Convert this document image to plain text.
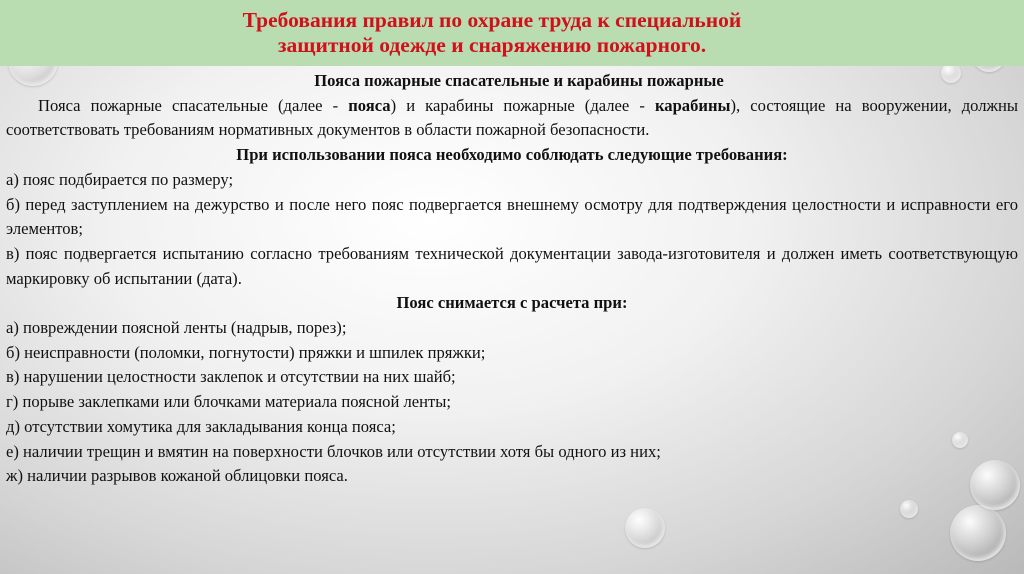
Требования правил по охране труда к специальной
защитной одежде и снаряжению пожарного.
Пояса пожарные спасательные и карабины пожарные
Пояса пожарные спасательные (далее - пояса) и карабины пожарные (далее - карабины), состоящие на вооружении, должны соответствовать требованиям нормативных документов в области пожарной безопасности.
При использовании пояса необходимо соблюдать следующие требования:
а) пояс подбирается по размеру;
б) перед заступлением на дежурство и после него пояс подвергается внешнему осмотру для подтверждения целостности и исправности его элементов;
в) пояс подвергается испытанию согласно требованиям технической документации завода-изготовителя и должен иметь соответствующую маркировку об испытании (дата).
Пояс снимается с расчета при:
а) повреждении поясной ленты (надрыв, порез);
б) неисправности (поломки, погнутости) пряжки и шпилек пряжки;
в) нарушении целостности заклепок и отсутствии на них шайб;
г) порыве заклепками или блочками материала поясной ленты;
д) отсутствии хомутика для закладывания конца пояса;
е) наличии трещин и вмятин на поверхности блочков или отсутствии хотя бы одного из них;
ж) наличии разрывов кожаной облицовки пояса.
